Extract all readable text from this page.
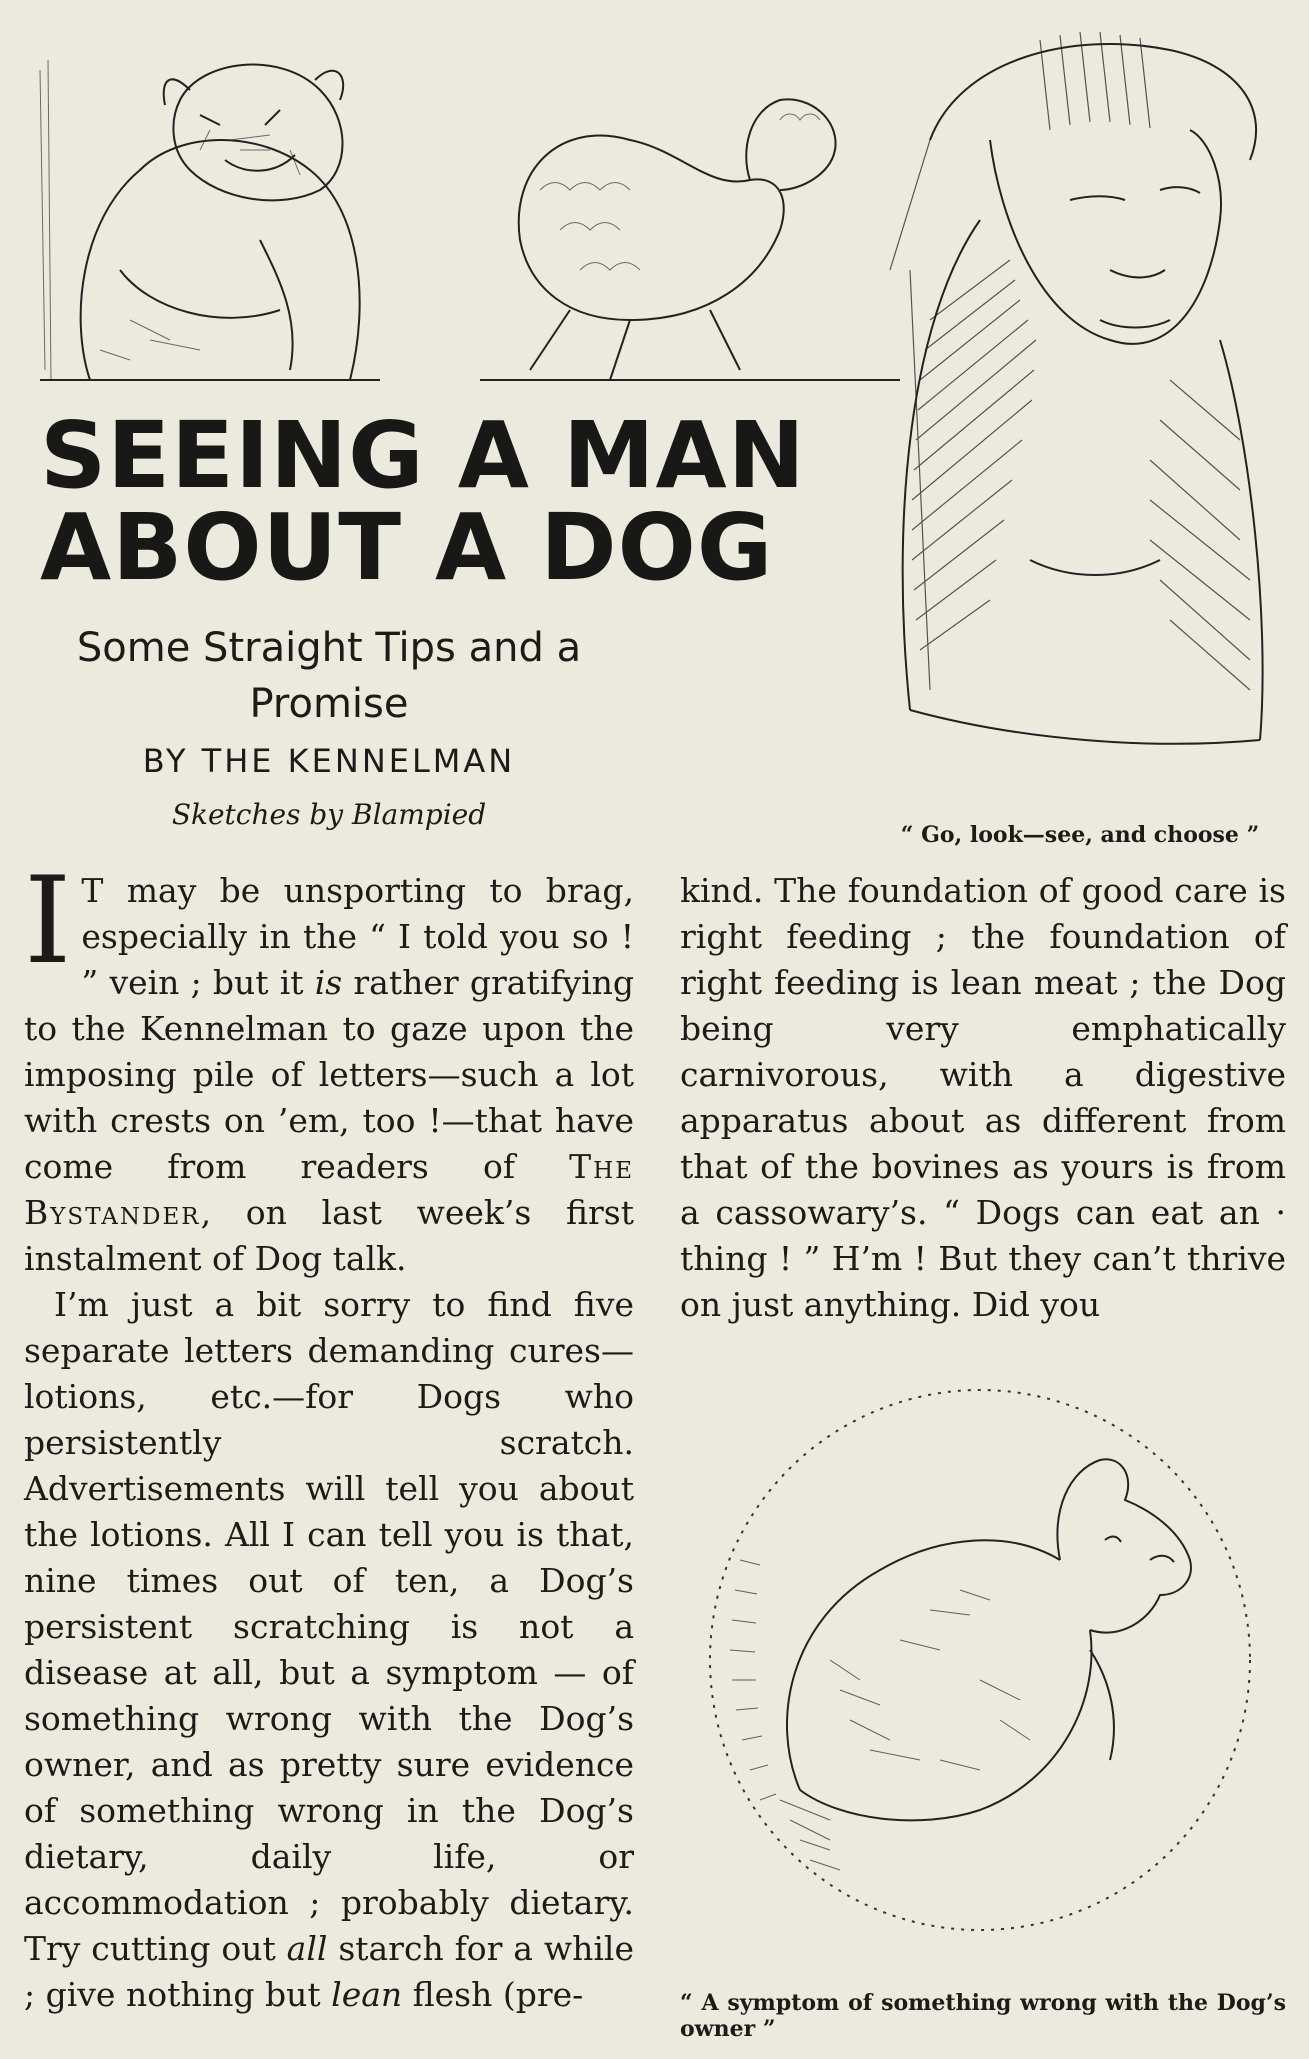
SEEING A MAN
ABOUT A DOG
Some Straight Tips and a Promise
BY THE KENNELMAN
Sketches by Blampied
“ Go, look—see, and choose ”

I T may be unsporting to brag, especially in the “ I told you so ! ” vein ; but it is rather gratifying to the Kennelman to gaze upon the imposing pile of letters—such a lot with crests on ’em, too !—that have come from readers of The Bystander, on last week’s first instalment of Dog talk.

I’m just a bit sorry to find five separate letters demanding cures—lotions, etc.—for Dogs who persistently scratch. Advertisements will tell you about the lotions. All I can tell you is that, nine times out of ten, a Dog’s persistent scratching is not a disease at all, but a symptom — of something wrong with the Dog’s owner, and as pretty sure evidence of something wrong in the Dog’s dietary, daily life, or accommodation ; probably dietary. Try cutting out all starch for a while ; give nothing but lean flesh (pre-

kind. The foundation of good care is right feeding ; the foundation of right feeding is lean meat ; the Dog being very emphatically carnivorous, with a digestive apparatus about as different from that of the bovines as yours is from a cassowary’s. “ Dogs can eat an · thing ! ” H’m ! But they can’t thrive on just anything. Did you

“ A symptom of something wrong with the Dog’s owner ”
